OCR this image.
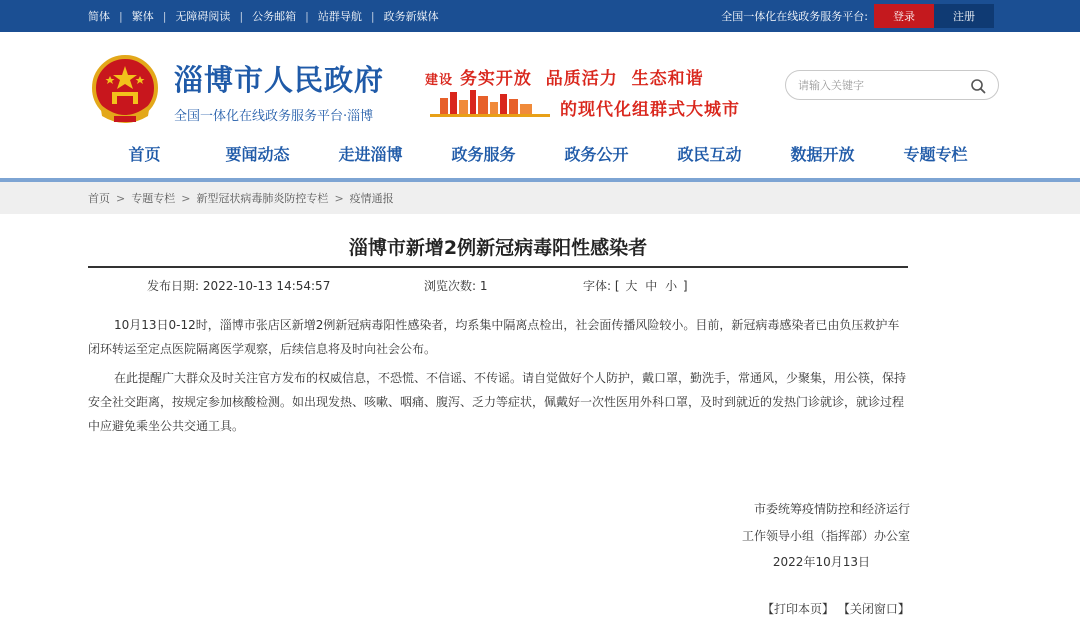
简体 | 繁体 | 无障碍阅读 | 公务邮箱 | 站群导航 | 政务新媒体	全国一体化在线政务服务平台:	登录	注册
淄博市人民政府
全国一体化在线政务服务平台·淄博
建设 务实开放 品质活力 生态和谐
的现代化组群式大城市
请输入关键字
首页	要闻动态	走进淄博	政务服务	政务公开	政民互动	数据开放	专题专栏
首页 > 专题专栏 > 新型冠状病毒肺炎防控专栏 > 疫情通报
淄博市新增2例新冠病毒阳性感染者
发布日期: 2022-10-13 14:54:57	浏览次数: 1	字体: [ 大 中 小 ]

10月13日0-12时，淄博市张店区新增2例新冠病毒阳性感染者，均系集中隔离点检出，社会面传播风险较小。目前，新冠病毒感染者已由负压救护车闭环转运至定点医院隔离医学观察，后续信息将及时向社会公布。

在此提醒广大群众及时关注官方发布的权威信息，不恐慌、不信谣、不传谣。请自觉做好个人防护，戴口罩，勤洗手，常通风，少聚集，用公筷，保持安全社交距离，按规定参加核酸检测。如出现发热、咳嗽、咽痛、腹泻、乏力等症状，佩戴好一次性医用外科口罩，及时到就近的发热门诊就诊，就诊过程中应避免乘坐公共交通工具。

市委统筹疫情防控和经济运行
工作领导小组（指挥部）办公室
2022年10月13日
【打印本页】 【关闭窗口】
